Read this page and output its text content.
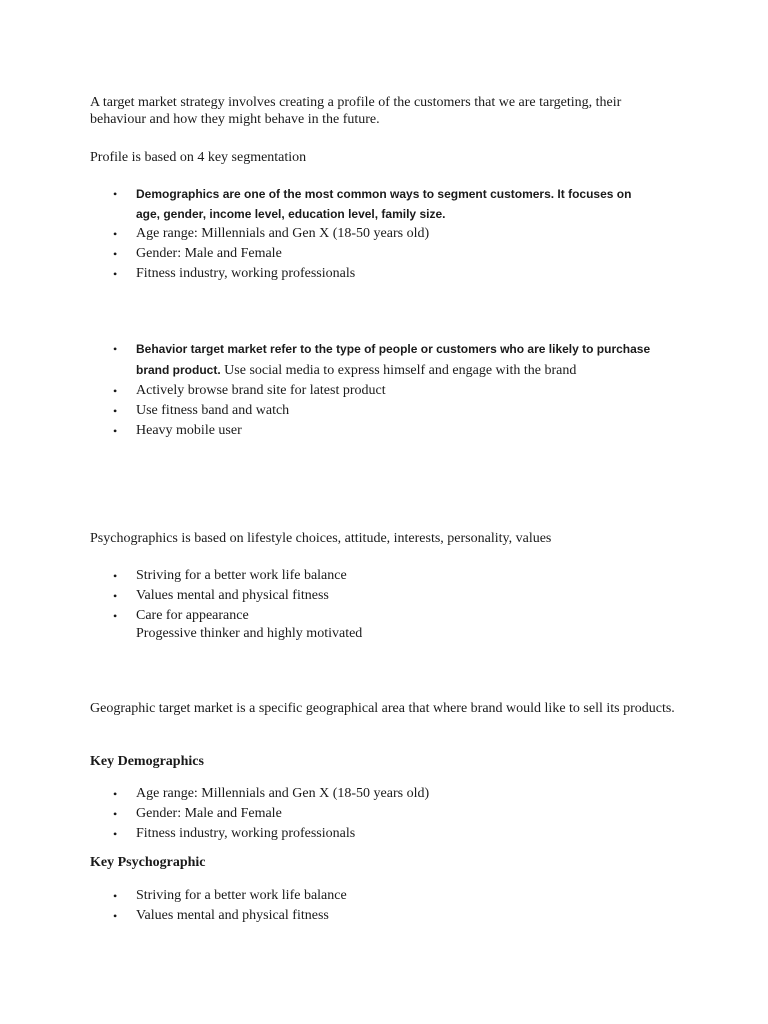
A target market strategy involves creating a profile of the customers that we are targeting, their behaviour and how they might behave in the future.

Profile is based on 4 key segmentation

• Demographics are one of the most common ways to segment customers. It focuses on age, gender, income level, education level, family size.
• Age range: Millennials and Gen X (18-50 years old)
• Gender: Male and Female
• Fitness industry, working professionals
• Behavior target market refer to the type of people or customers who are likely to purchase
brand product. Use social media to express himself and engage with the brand
• Actively browse brand site for latest product
• Use fitness band and watch
• Heavy mobile user

Psychographics is based on lifestyle choices, attitude, interests, personality, values

• Striving for a better work life balance
• Values mental and physical fitness
• Care for appearance
Progessive thinker and highly motivated

Geographic target market is a specific geographical area that where brand would like to sell its products.

Key Demographics

• Age range: Millennials and Gen X (18-50 years old)
• Gender: Male and Female
• Fitness industry, working professionals

Key Psychographic

• Striving for a better work life balance
• Values mental and physical fitness
